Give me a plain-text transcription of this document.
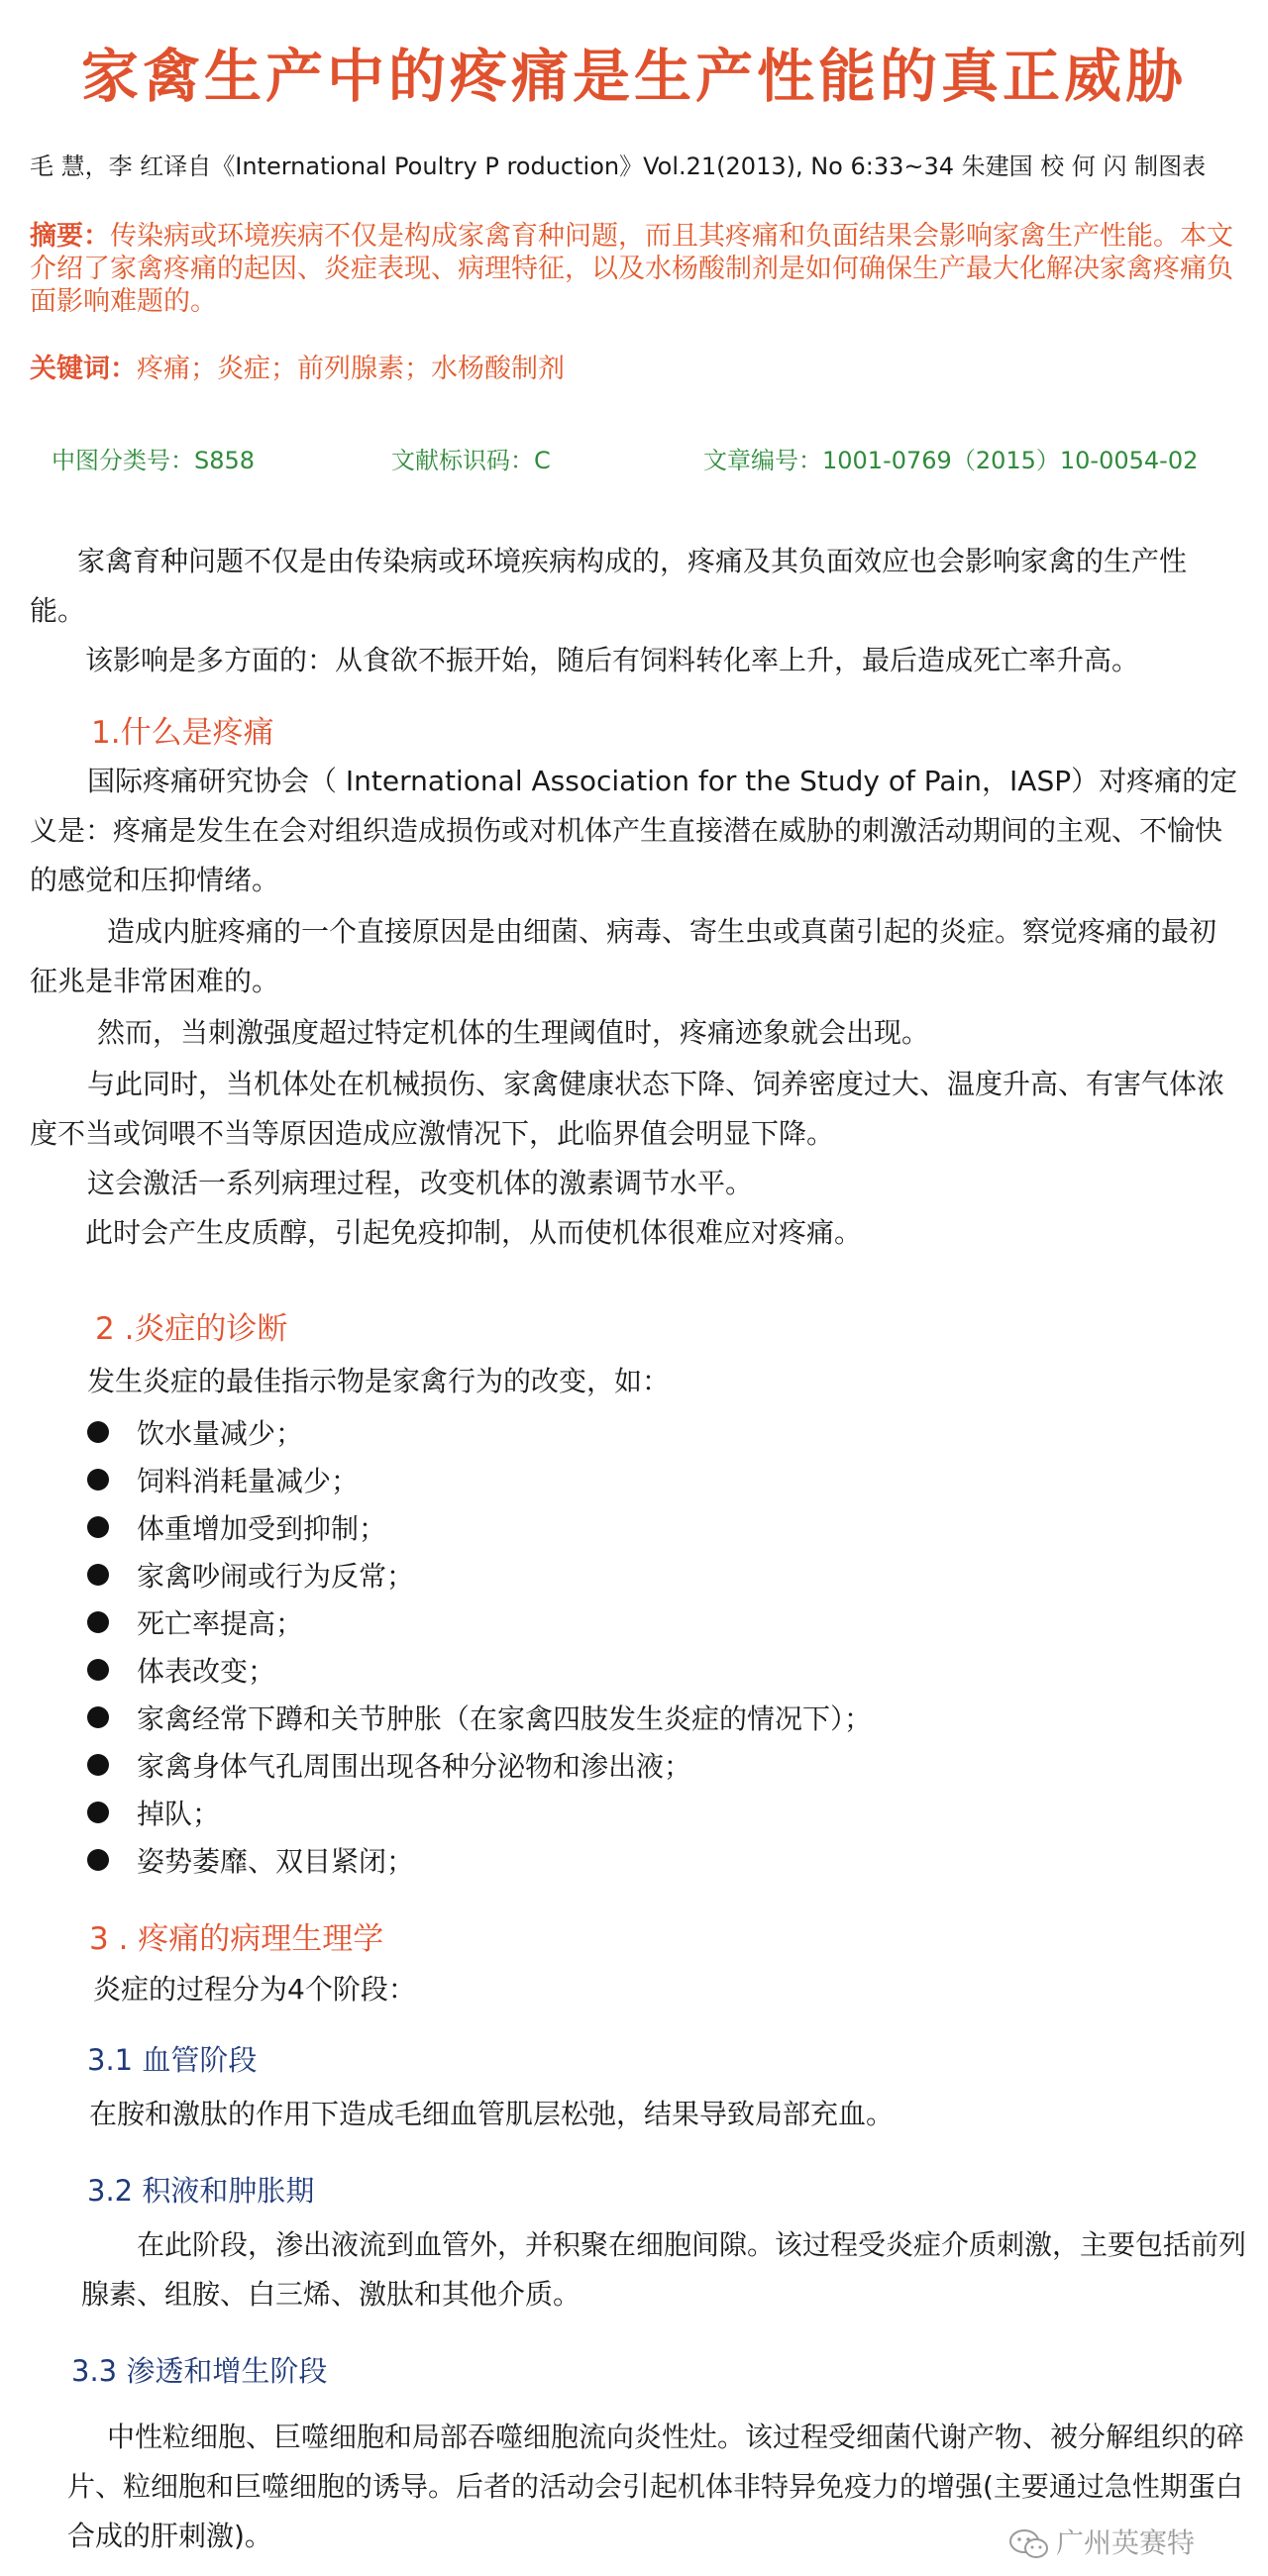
家禽生产中的疼痛是生产性能的真正威胁
毛 慧，李 红译自《International Poultry P roduction》Vol.21(2013), No 6:33~34 朱建国 校 何 闪 制图表
摘要：传染病或环境疾病不仅是构成家禽育种问题，而且其疼痛和负面结果会影响家禽生产性能。本文介绍了家禽疼痛的起因、炎症表现、病理特征，以及水杨酸制剂是如何确保生产最大化解决家禽疼痛负面影响难题的。
关键词：疼痛；炎症；前列腺素；水杨酸制剂
中图分类号：S858	文献标识码：C	文章编号：1001-0769（2015）10-0054-02
家禽育种问题不仅是由传染病或环境疾病构成的，疼痛及其负面效应也会影响家禽的生产性能。
该影响是多方面的：从食欲不振开始，随后有饲料转化率上升，最后造成死亡率升高。
1.什么是疼痛
国际疼痛研究协会（ International Association for the Study of Pain，IASP）对疼痛的定义是：疼痛是发生在会对组织造成损伤或对机体产生直接潜在威胁的刺激活动期间的主观、不愉快的感觉和压抑情绪。
造成内脏疼痛的一个直接原因是由细菌、病毒、寄生虫或真菌引起的炎症。察觉疼痛的最初征兆是非常困难的。
然而，当刺激强度超过特定机体的生理阈值时，疼痛迹象就会出现。
与此同时，当机体处在机械损伤、家禽健康状态下降、饲养密度过大、温度升高、有害气体浓度不当或饲喂不当等原因造成应激情况下，此临界值会明显下降。
这会激活一系列病理过程，改变机体的激素调节水平。
此时会产生皮质醇，引起免疫抑制，从而使机体很难应对疼痛。
2 .炎症的诊断
发生炎症的最佳指示物是家禽行为的改变，如：
饮水量减少；
饲料消耗量减少；
体重增加受到抑制；
家禽吵闹或行为反常；
死亡率提高；
体表改变；
家禽经常下蹲和关节肿胀（在家禽四肢发生炎症的情况下）；
家禽身体气孔周围出现各种分泌物和渗出液；
掉队；
姿势萎靡、双目紧闭；
3 . 疼痛的病理生理学
炎症的过程分为4个阶段：
3.1 血管阶段
在胺和激肽的作用下造成毛细血管肌层松弛，结果导致局部充血。
3.2 积液和肿胀期
在此阶段，渗出液流到血管外，并积聚在细胞间隙。该过程受炎症介质刺激，主要包括前列腺素、组胺、白三烯、激肽和其他介质。
3.3 渗透和增生阶段
中性粒细胞、巨噬细胞和局部吞噬细胞流向炎性灶。该过程受细菌代谢产物、被分解组织的碎片、粒细胞和巨噬细胞的诱导。后者的活动会引起机体非特异免疫力的增强(主要通过急性期蛋白合成的肝刺激)。	广州英赛特
